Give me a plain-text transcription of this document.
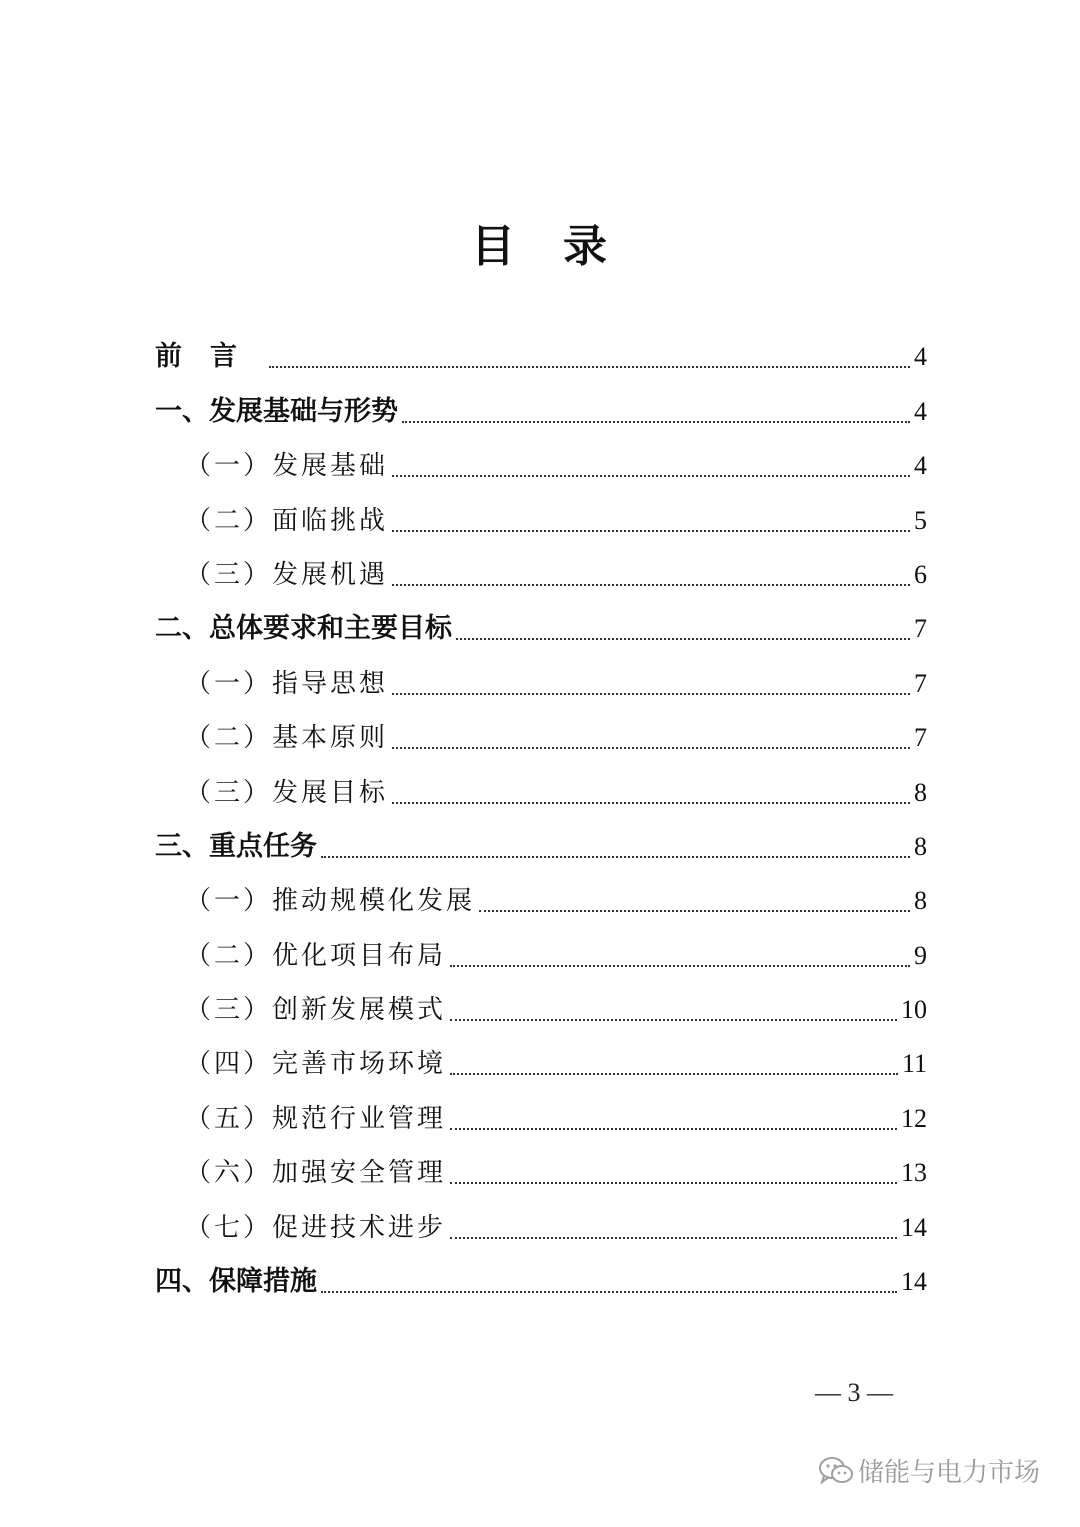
目　录
前言	4
一、发展基础与形势	4
（一）发展基础	4
（二）面临挑战	5
（三）发展机遇	6
二、总体要求和主要目标	7
（一）指导思想	7
（二）基本原则	7
（三）发展目标	8
三、重点任务	8
（一）推动规模化发展	8
（二）优化项目布局	9
（三）创新发展模式	10
（四）完善市场环境	11
（五）规范行业管理	12
（六）加强安全管理	13
（七）促进技术进步	14
四、保障措施	14
— 3 —
储能与电力市场
